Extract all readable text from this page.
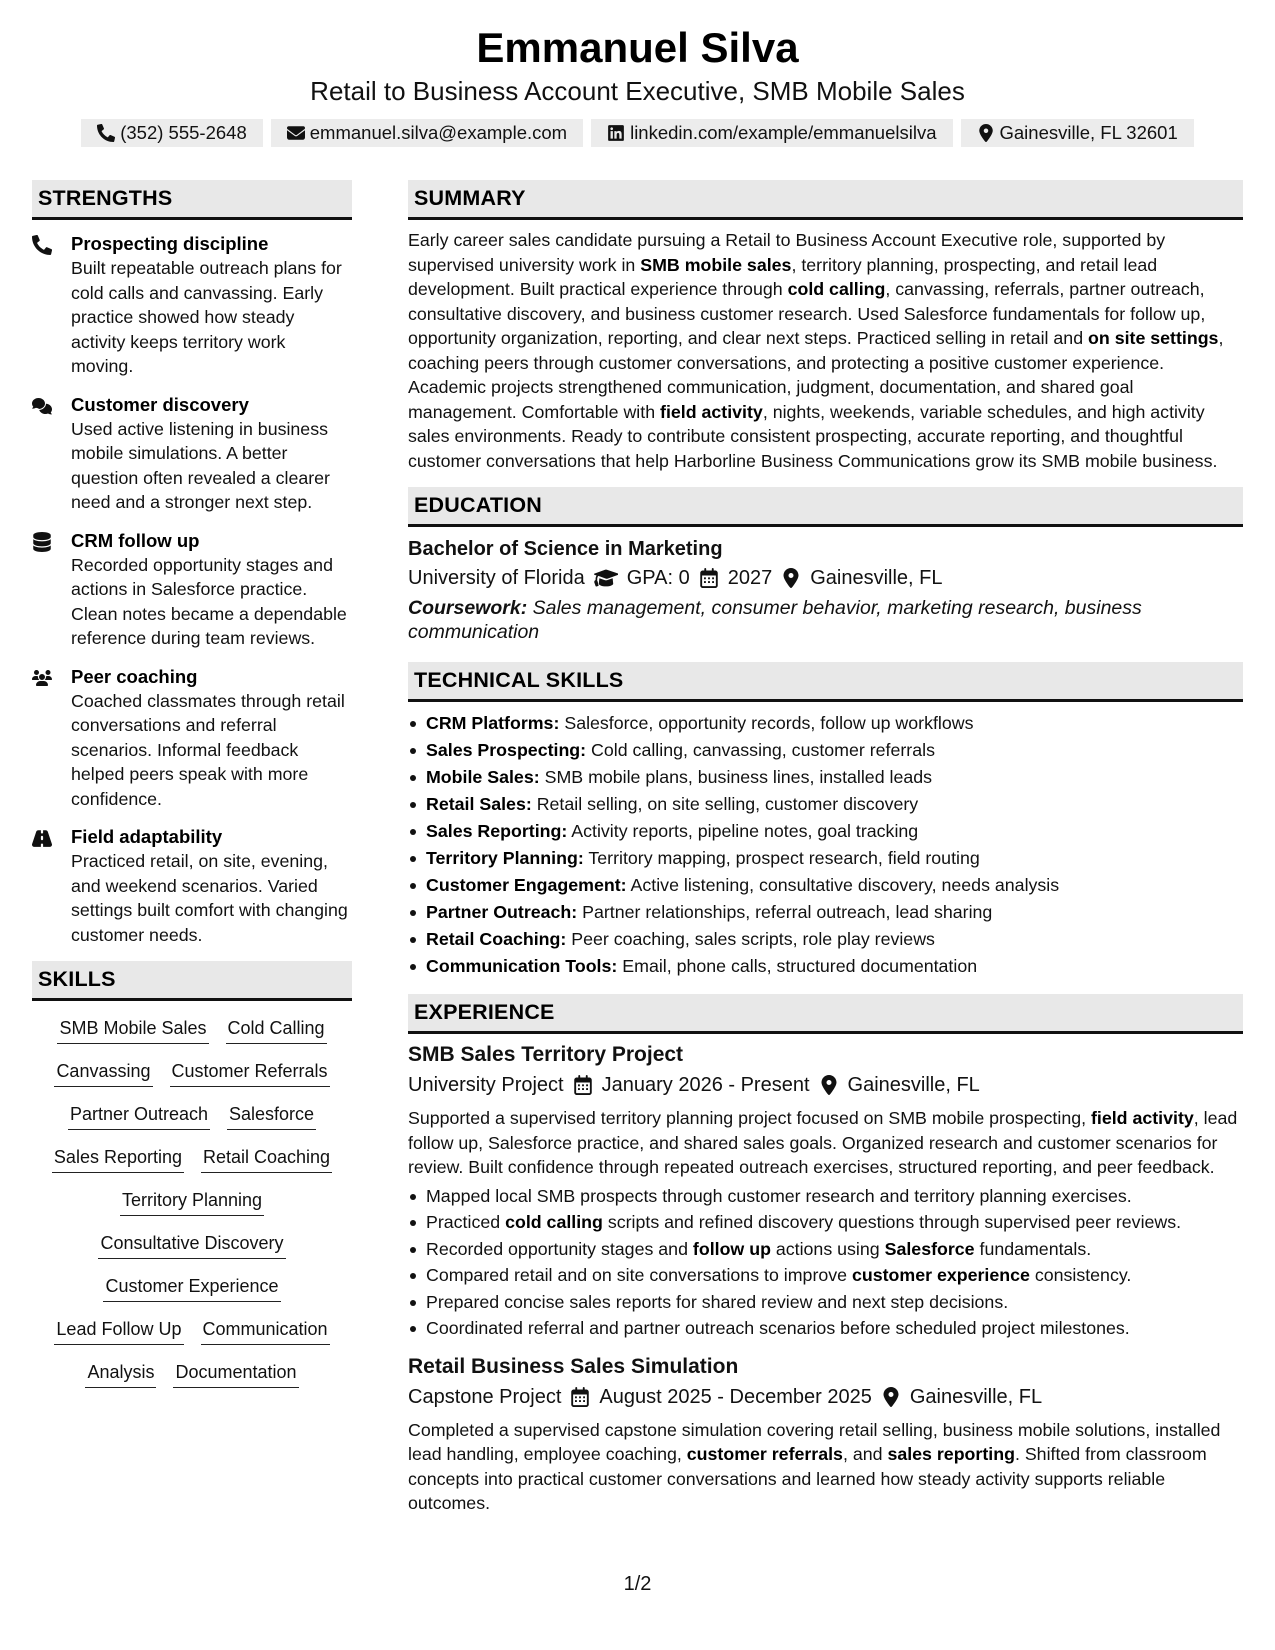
Emmanuel Silva
Retail to Business Account Executive, SMB Mobile Sales
(352) 555-2648	emmanuel.silva@example.com	linkedin.com/example/emmanuelsilva	Gainesville, FL 32601
STRENGTHS
Prospecting discipline
Built repeatable outreach plans for cold calls and canvassing. Early practice showed how steady activity keeps territory work moving.
Customer discovery
Used active listening in business mobile simulations. A better question often revealed a clearer need and a stronger next step.
CRM follow up
Recorded opportunity stages and actions in Salesforce practice. Clean notes became a dependable reference during team reviews.
Peer coaching
Coached classmates through retail conversations and referral scenarios. Informal feedback helped peers speak with more confidence.
Field adaptability
Practiced retail, on site, evening, and weekend scenarios. Varied settings built comfort with changing customer needs.
SKILLS
SMB Mobile Sales Cold Calling
Canvassing Customer Referrals
Partner Outreach Salesforce
Sales Reporting Retail Coaching
Territory Planning
Consultative Discovery
Customer Experience
Lead Follow Up Communication
Analysis Documentation
SUMMARY
Early career sales candidate pursuing a Retail to Business Account Executive role, supported by supervised university work in SMB mobile sales, territory planning, prospecting, and retail lead development. Built practical experience through cold calling, canvassing, referrals, partner outreach, consultative discovery, and business customer research. Used Salesforce fundamentals for follow up, opportunity organization, reporting, and clear next steps. Practiced selling in retail and on site settings, coaching peers through customer conversations, and protecting a positive customer experience. Academic projects strengthened communication, judgment, documentation, and shared goal management. Comfortable with field activity, nights, weekends, variable schedules, and high activity sales environments. Ready to contribute consistent prospecting, accurate reporting, and thoughtful customer conversations that help Harborline Business Communications grow its SMB mobile business.
EDUCATION
Bachelor of Science in Marketing
University of Florida GPA: 0 2027 Gainesville, FL
Coursework: Sales management, consumer behavior, marketing research, business communication
TECHNICAL SKILLS
CRM Platforms: Salesforce, opportunity records, follow up workflows
Sales Prospecting: Cold calling, canvassing, customer referrals
Mobile Sales: SMB mobile plans, business lines, installed leads
Retail Sales: Retail selling, on site selling, customer discovery
Sales Reporting: Activity reports, pipeline notes, goal tracking
Territory Planning: Territory mapping, prospect research, field routing
Customer Engagement: Active listening, consultative discovery, needs analysis
Partner Outreach: Partner relationships, referral outreach, lead sharing
Retail Coaching: Peer coaching, sales scripts, role play reviews
Communication Tools: Email, phone calls, structured documentation
EXPERIENCE
SMB Sales Territory Project
University Project January 2026 - Present Gainesville, FL
Supported a supervised territory planning project focused on SMB mobile prospecting, field activity, lead follow up, Salesforce practice, and shared sales goals. Organized research and customer scenarios for review. Built confidence through repeated outreach exercises, structured reporting, and peer feedback.
Mapped local SMB prospects through customer research and territory planning exercises.
Practiced cold calling scripts and refined discovery questions through supervised peer reviews.
Recorded opportunity stages and follow up actions using Salesforce fundamentals.
Compared retail and on site conversations to improve customer experience consistency.
Prepared concise sales reports for shared review and next step decisions.
Coordinated referral and partner outreach scenarios before scheduled project milestones.
Retail Business Sales Simulation
Capstone Project August 2025 - December 2025 Gainesville, FL
Completed a supervised capstone simulation covering retail selling, business mobile solutions, installed lead handling, employee coaching, customer referrals, and sales reporting. Shifted from classroom concepts into practical customer conversations and learned how steady activity supports reliable outcomes.
1/2
